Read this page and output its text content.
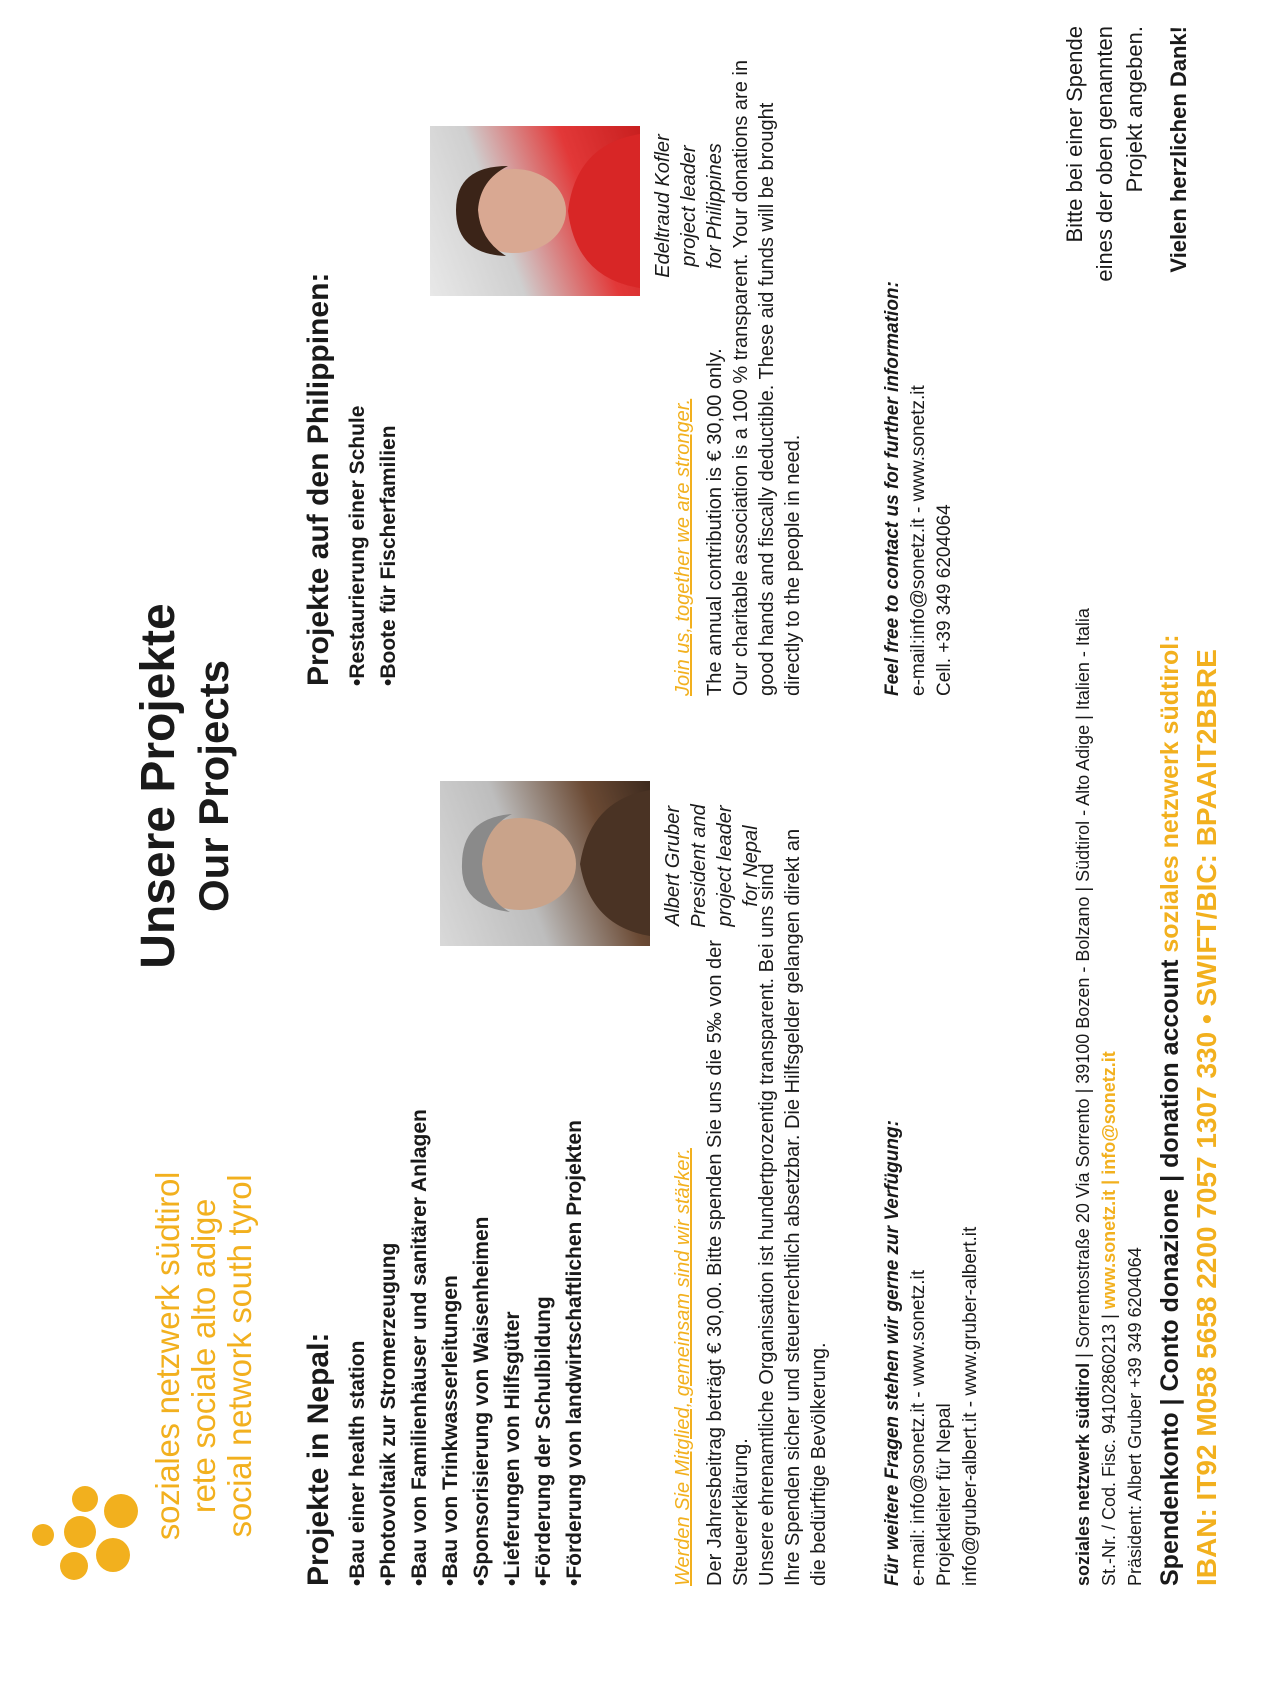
soziales netzwerk südtirol rete sociale alto adige social network south tyrol
Unsere Projekte Our Projects
Projekte in Nepal: • Bau einer health station • Photovoltaik zur Stromerzeugung • Bau von Familienhäuser und sanitärer Anlagen • Bau von Trinkwasserleitungen • Sponsorisierung von Waisenheimen • Lieferungen von Hilfsgüter • Förderung der Schulbildung • Förderung von landwirtschaftlichen Projekten
Projekte auf den Philippinen: • Restaurierung einer Schule • Boote für Fischerfamilien
Albert Gruber President and project leader for Nepal
Edeltraud Kofler project leader for Philippines
Werden Sie Mitglied, gemeinsam sind wir stärker. Der Jahresbeitrag beträgt € 30,00. Bitte spenden Sie uns die 5‰ von der Steuererklärung. Unsere ehrenamtliche Organisation ist hundertprozentig transparent. Bei uns sind Ihre Spenden sicher und steuerrechtlich absetzbar. Die Hilfsgelder gelangen direkt an die bedürftige Bevölkerung.
Join us, together we are stronger. The annual contribution is € 30,00 only. Our charitable association is a 100 % transparent. Your donations are in good hands and fiscally deductible. These aid funds will be brought directly to the people in need.
Für weitere Fragen stehen wir gerne zur Verfügung: e-mail: info@sonetz.it - www.sonetz.it Projektleiter für Nepal info@gruber-albert.it - www.gruber-albert.it
Feel free to contact us for further information: e-mail:info@sonetz.it - www.sonetz.it Cell. +39 349 6204064
soziales netzwerk südtirol | Sorrentostraße 20 Via Sorrento | 39100 Bozen - Bolzano | Südtirol - Alto Adige | Italien - Italia
St.-Nr. / Cod. Fisc. 94102860213 | www.sonetz.it | info@sonetz.it
Präsident: Albert Gruber +39 349 6204064 Spendenkonto | Conto donazione | donation account soziales netzwerk südtirol: IBAN: IT92 M058 5658 2200 7057 1307 330 • SWIFT/BIC: BPAAIT2BBRE
Bitte bei einer Spende eines der oben genannten Projekt angeben. Vielen herzlichen Dank!
